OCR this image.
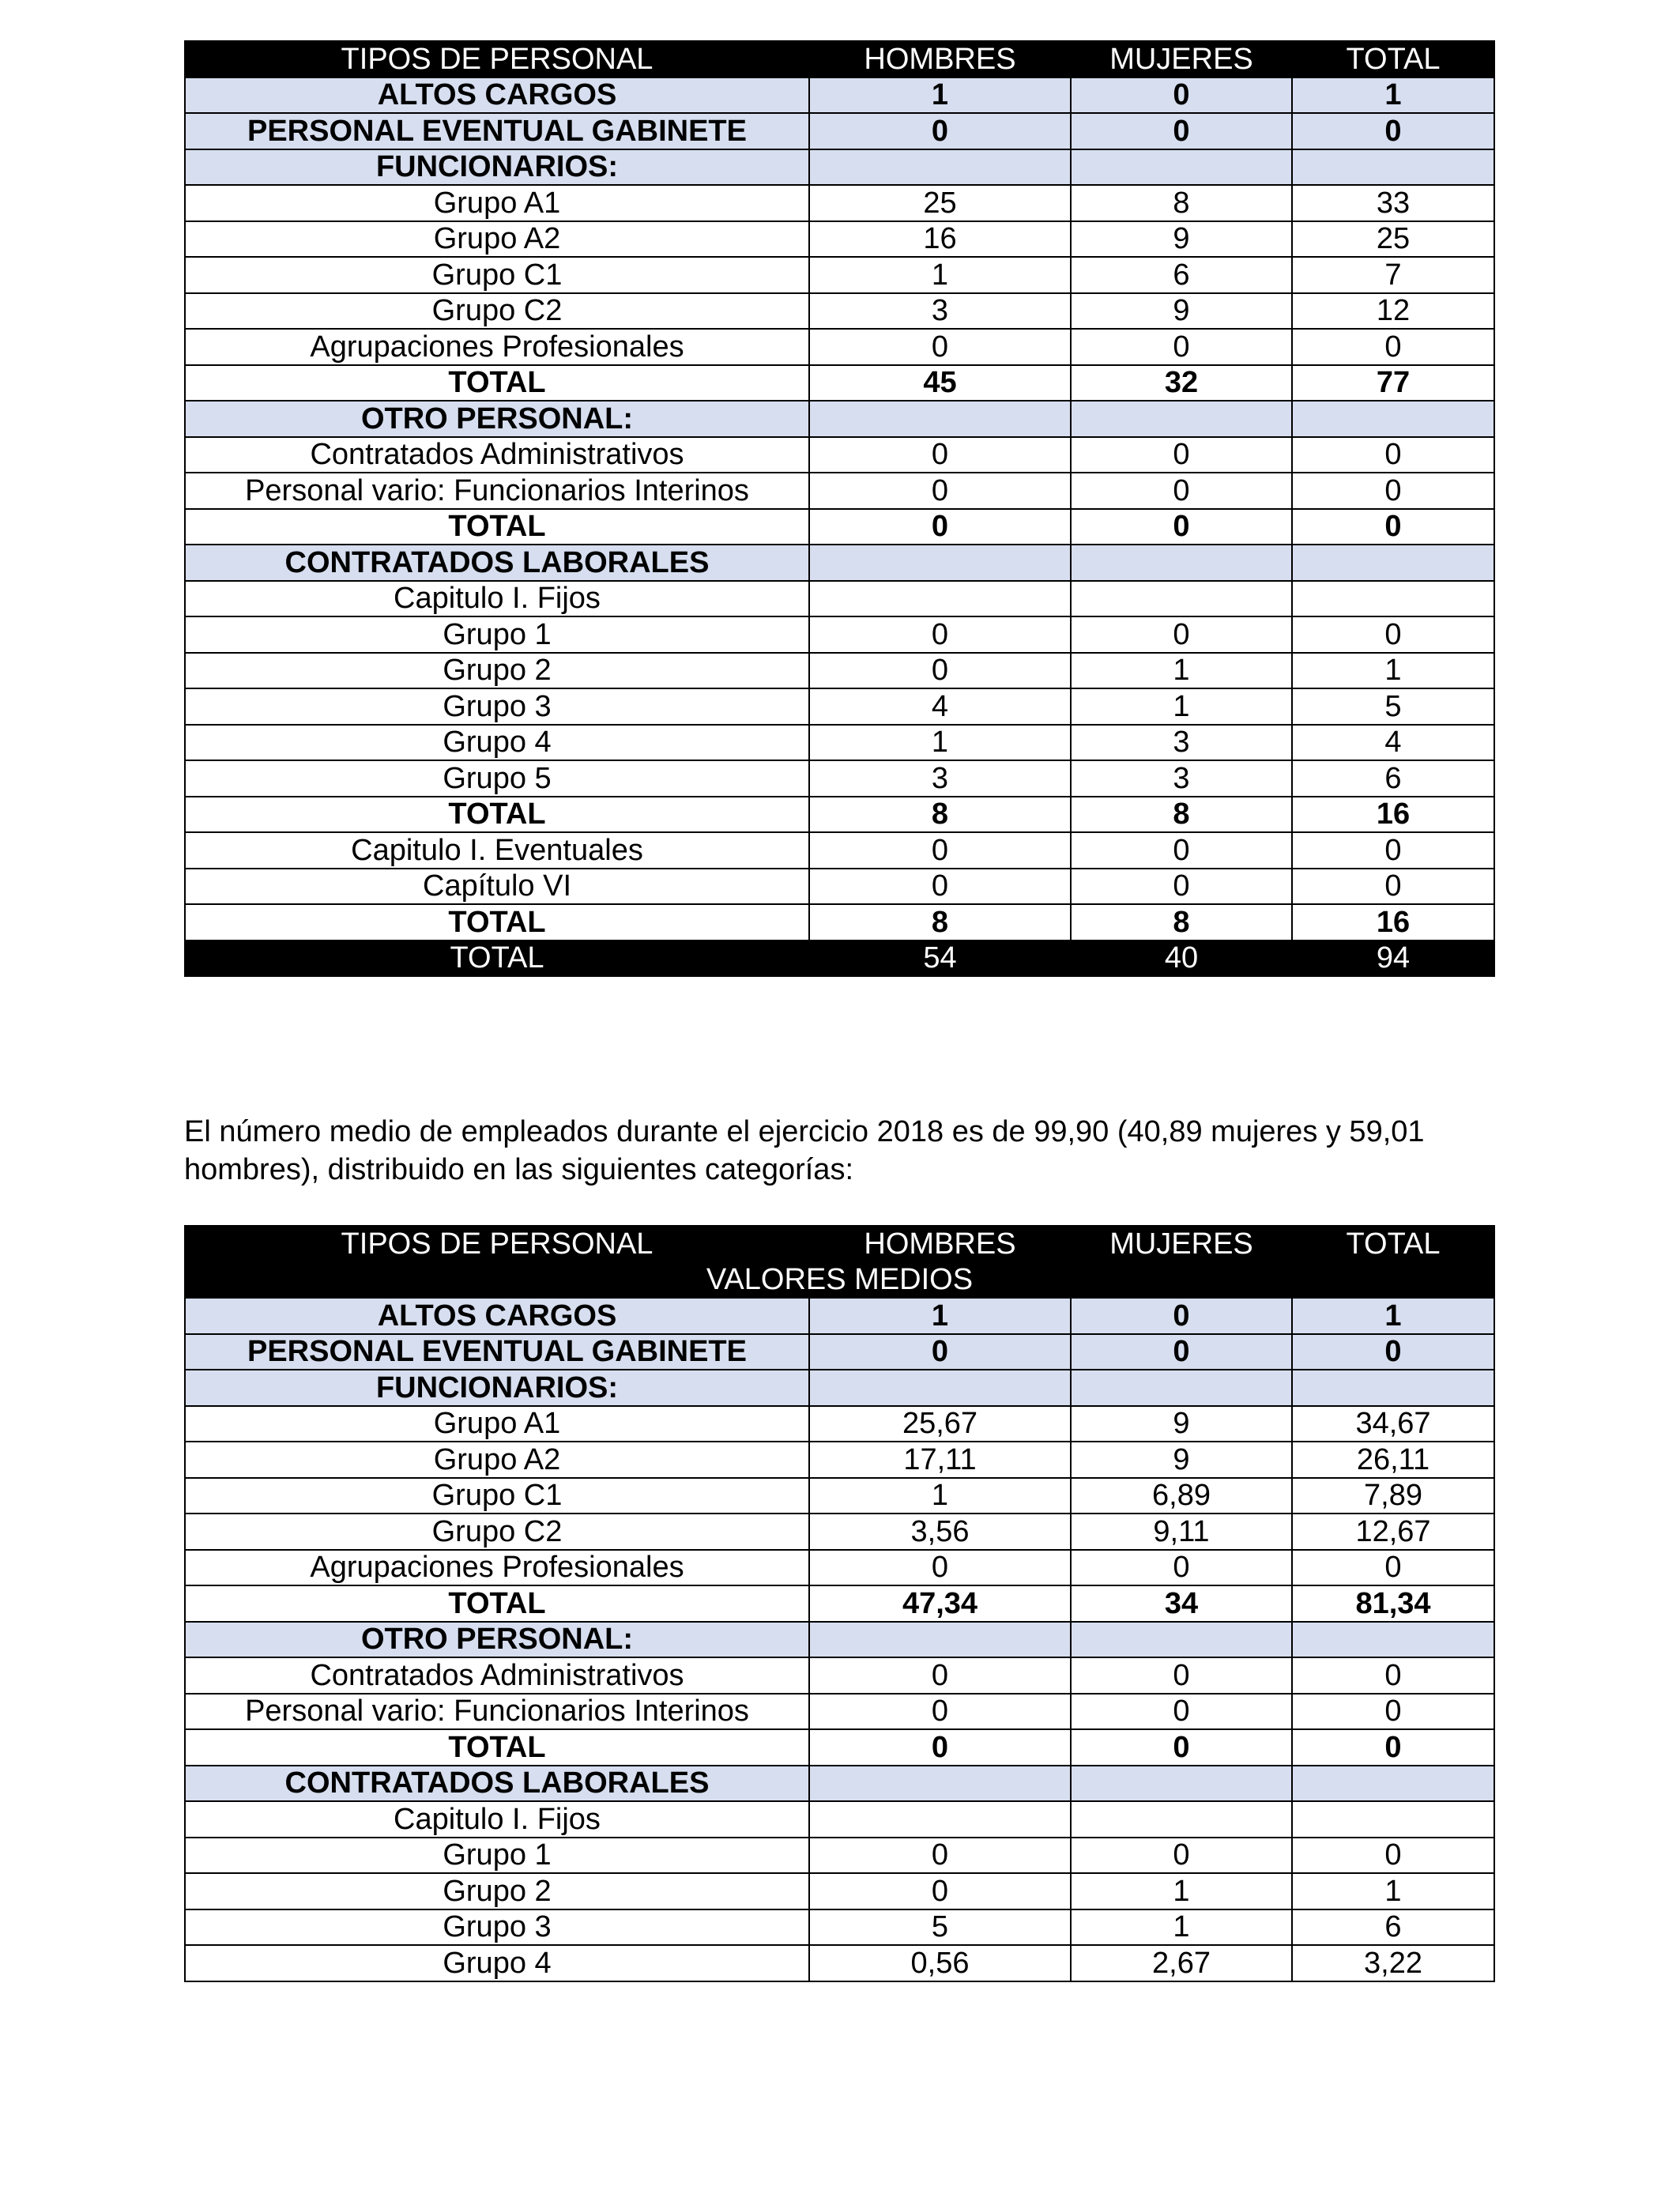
TIPOS DE PERSONAL	HOMBRES	MUJERES	TOTAL
ALTOS CARGOS	1	0	1
PERSONAL EVENTUAL GABINETE	0	0	0
FUNCIONARIOS:			
Grupo A1	25	8	33
Grupo A2	16	9	25
Grupo C1	1	6	7
Grupo C2	3	9	12
Agrupaciones Profesionales	0	0	0
TOTAL	45	32	77
OTRO PERSONAL:			
Contratados Administrativos	0	0	0
Personal vario: Funcionarios Interinos	0	0	0
TOTAL	0	0	0
CONTRATADOS LABORALES			
Capitulo I. Fijos			
Grupo 1	0	0	0
Grupo 2	0	1	1
Grupo 3	4	1	5
Grupo 4	1	3	4
Grupo 5	3	3	6
TOTAL	8	8	16
Capitulo I. Eventuales	0	0	0
Capítulo VI	0	0	0
TOTAL	8	8	16
TOTAL	54	40	94
El número medio de empleados durante el ejercicio 2018 es de 99,90 (40,89 mujeres y 59,01 hombres), distribuido en las siguientes categorías:
TIPOS DE PERSONAL	HOMBRES	MUJERES	TOTAL
VALORES MEDIOS			
ALTOS CARGOS	1	0	1
PERSONAL EVENTUAL GABINETE	0	0	0
FUNCIONARIOS:			
Grupo A1	25,67	9	34,67
Grupo A2	17,11	9	26,11
Grupo C1	1	6,89	7,89
Grupo C2	3,56	9,11	12,67
Agrupaciones Profesionales	0	0	0
TOTAL	47,34	34	81,34
OTRO PERSONAL:			
Contratados Administrativos	0	0	0
Personal vario: Funcionarios Interinos	0	0	0
TOTAL	0	0	0
CONTRATADOS LABORALES			
Capitulo I. Fijos			
Grupo 1	0	0	0
Grupo 2	0	1	1
Grupo 3	5	1	6
Grupo 4	0,56	2,67	3,22
